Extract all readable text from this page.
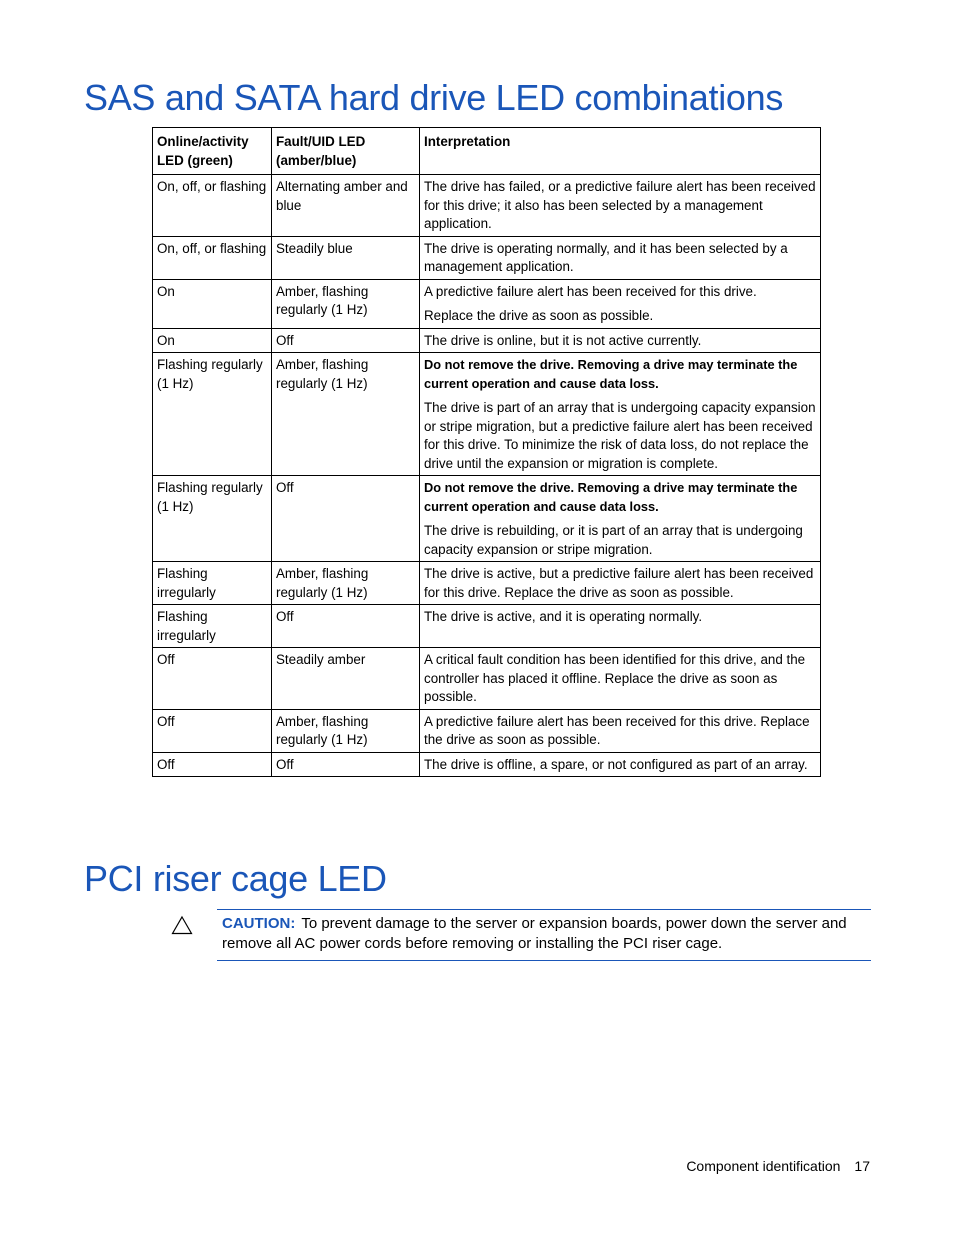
SAS and SATA hard drive LED combinations
Online/activity LED (green)	Fault/UID LED (amber/blue)	Interpretation
On, off, or flashing	Alternating amber and blue	The drive has failed, or a predictive failure alert has been received for this drive; it also has been selected by a management application.

On, off, or flashing	Steadily blue	The drive is operating normally, and it has been selected by a management application.

On	Amber, flashing regularly (1 Hz)	A predictive failure alert has been received for this drive.

Replace the drive as soon as possible.

On	Off	The drive is online, but it is not active currently.

Flashing regularly (1 Hz)	Amber, flashing regularly (1 Hz)	Do not remove the drive. Removing a drive may terminate the current operation and cause data loss.

The drive is part of an array that is undergoing capacity expansion or stripe migration, but a predictive failure alert has been received for this drive. To minimize the risk of data loss, do not replace the drive until the expansion or migration is complete.

Flashing regularly (1 Hz)	Off	Do not remove the drive. Removing a drive may terminate the current operation and cause data loss.

The drive is rebuilding, or it is part of an array that is undergoing capacity expansion or stripe migration.

Flashing irregularly	Amber, flashing regularly (1 Hz)	The drive is active, but a predictive failure alert has been received for this drive. Replace the drive as soon as possible.

Flashing irregularly	Off	The drive is active, and it is operating normally.

Off	Steadily amber	A critical fault condition has been identified for this drive, and the controller has placed it offline. Replace the drive as soon as possible.

Off	Amber, flashing regularly (1 Hz)	A predictive failure alert has been received for this drive. Replace the drive as soon as possible.

Off	Off	The drive is offline, a spare, or not configured as part of an array.

PCI riser cage LED
CAUTION: To prevent damage to the server or expansion boards, power down the server and remove all AC power cords before removing or installing the PCI riser cage.
Component identification 17
